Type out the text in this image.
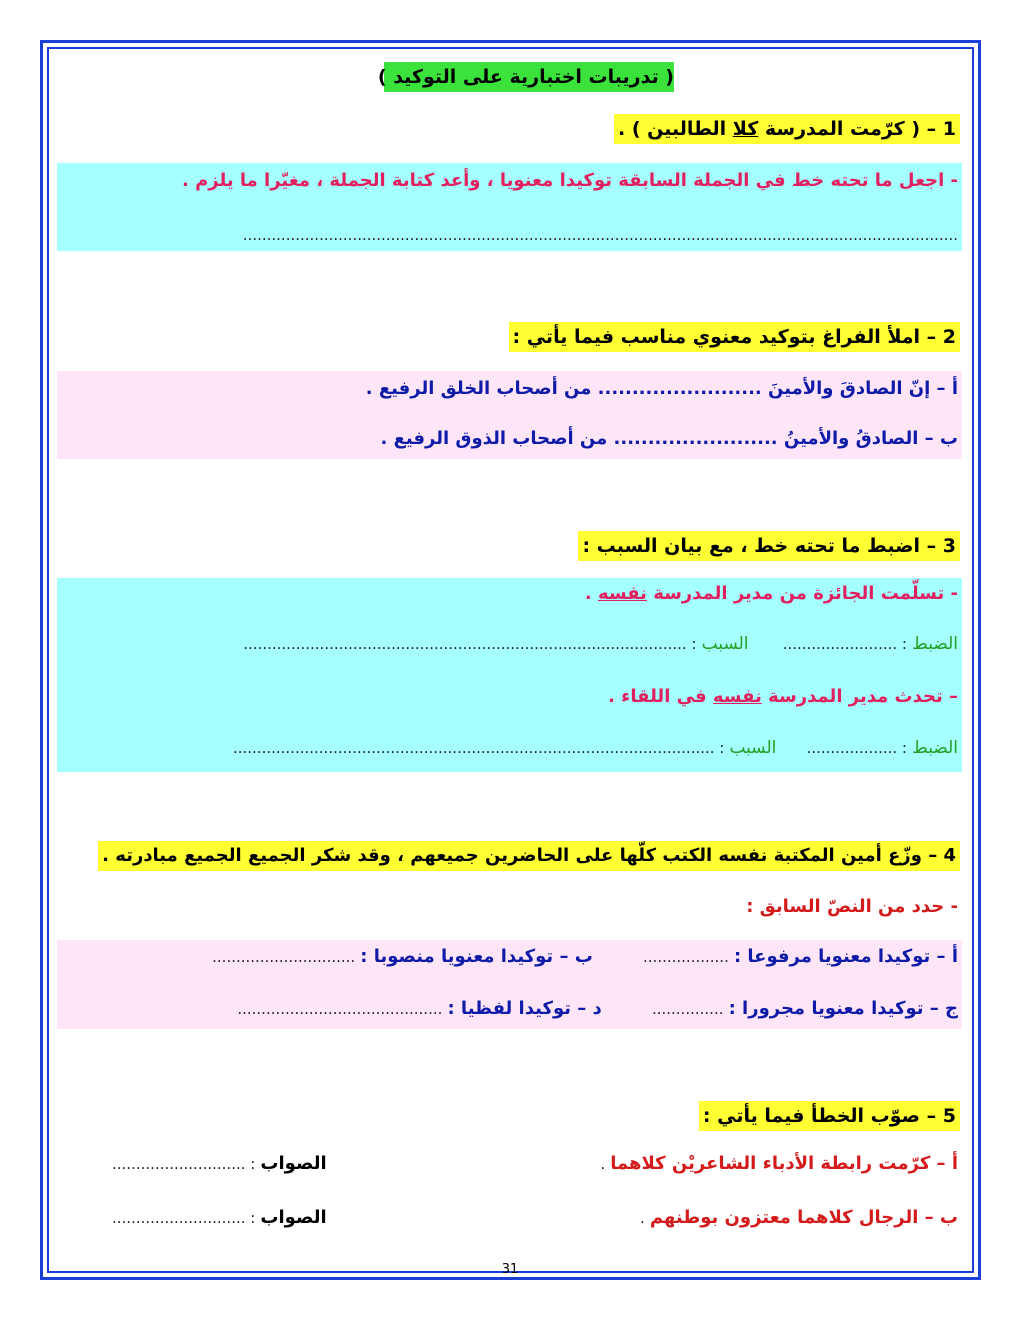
( تدريبات اختبارية على التوكيد )
1 – ( كرّمت المدرسة كلا الطالبين ) .
- اجعل ما تحته خط في الجملة السابقة توكيدا معنويا ، وأعد كتابة الجملة ، مغيّرا ما يلزم .
......................................................................................................................................................
2 – املأ الفراغ بتوكيد معنوي مناسب فيما يأتي :
أ – إنّ الصادقَ والأمينَ ........................ من أصحاب الخلق الرفيع .
ب – الصادقُ والأمينُ ........................ من أصحاب الذوق الرفيع .
3 – اضبط ما تحته خط ، مع بيان السبب :
- تسلّمت الجائزة من مدير المدرسة نفسه .
الضبط : ........................  السبب : .............................................................................................
– تحدث مدير المدرسة نفسه في اللقاء .
الضبط : ...................  السبب : .....................................................................................................
4 – وزّع أمين المكتبة نفسه الكتب كلّها على الحاضرين جميعهم ، وقد شكر الجميع الجميع مبادرته .
- حدد من النصّ السابق :
أ – توكيدا معنويا مرفوعا : ..................  ب – توكيدا معنويا منصوبا : ..............................
ج – توكيدا معنويا مجرورا : ...............  د – توكيدا لفظيا : ...........................................
5 – صوّب الخطأ فيما يأتي :
أ – كرّمت رابطة الأدباء الشاعريْن كلاهما .
الصواب : ............................
ب – الرجال كلاهما معتزون بوطنهم .
الصواب : ............................
31
